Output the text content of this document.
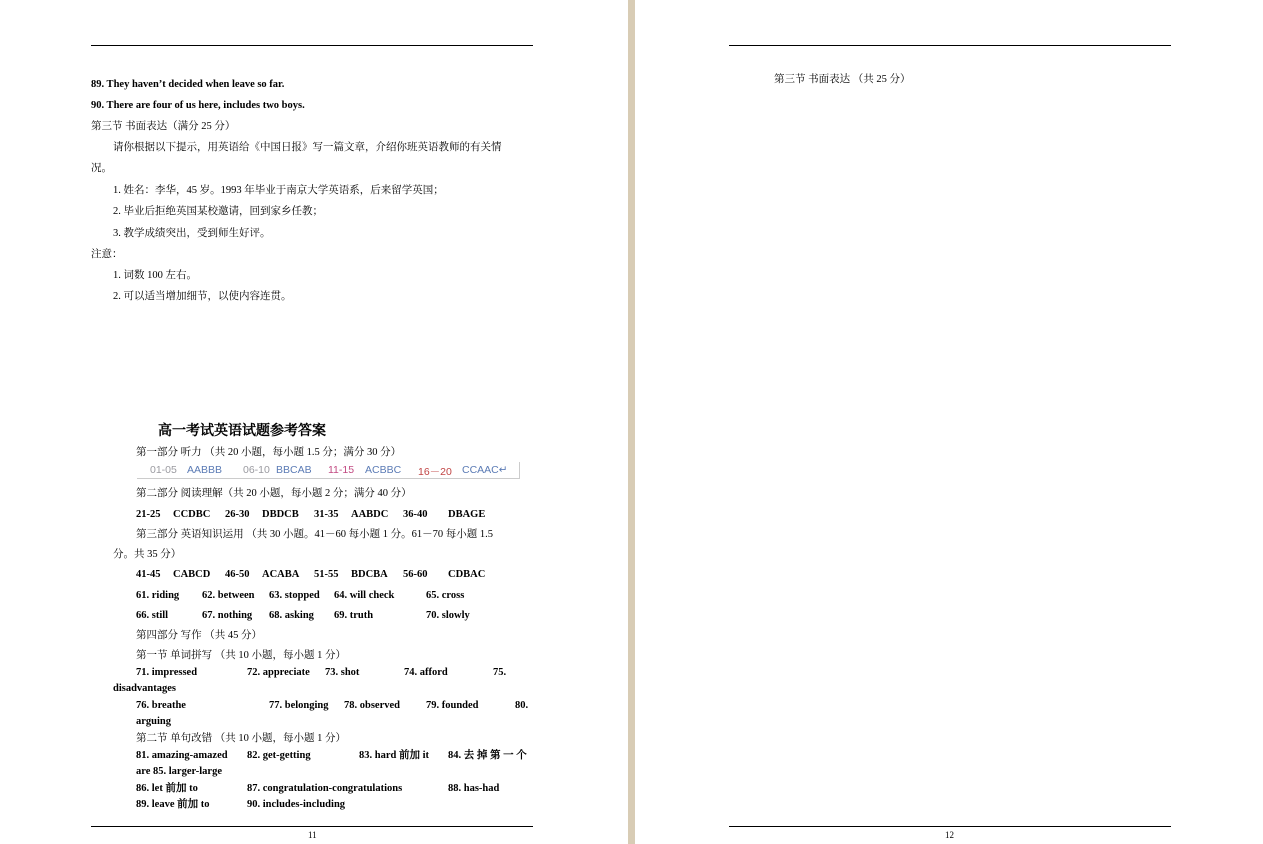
89. They haven’t decided when leave so far.
90. There are four of us here, includes two boys.
第三节 书面表达（满分 25 分）
请你根据以下提示，用英语给《中国日报》写一篇文章，介绍你班英语教师的有关情
况。
1. 姓名：李华，45 岁。1993 年毕业于南京大学英语系，后来留学英国；
2. 毕业后拒绝英国某校邀请，回到家乡任教；
3. 教学成绩突出，受到师生好评。
注意：
1. 词数 100 左右。
2. 可以适当增加细节，以使内容连贯。
高一考试英语试题参考答案
第一部分 听力 （共 20 小题，每小题 1.5 分；满分 30 分）
01-05 AABBB 06-10 BBCAB 11-15 ACBBC 16－20 CCAAC↵
第二部分 阅读理解（共 20 小题，每小题 2 分；满分 40 分）
21-25 CCDBC 26-30 DBDCB 31-35 AABDC 36-40 DBAGE
第三部分 英语知识运用 （共 30 小题。41－60 每小题 1 分。61－70 每小题 1.5
分。共 35 分）
41-45 CABCD 46-50 ACABA 51-55 BDCBA 56-60 CDBAC
61. riding 62. between 63. stopped 64. will check	65. cross
66. still	67. nothing 68. asking 69. truth	70. slowly
第四部分 写作 （共 45 分）
第一节 单词拼写 （共 10 小题，每小题 1 分）
71. impressed	72. appreciate 73. shot	74. afford	75.
disadvantages
76. breathe	77. belonging 78. observed 79. founded	80.
arguing
第二节 单句改错 （共 10 小题，每小题 1 分）
81. amazing-amazed 82. get-getting	83. hard 前加 it 84. 去 掉 第 一 个
are 85. larger-large
86. let 前加 to	87. congratulation-congratulations	88. has-had
89. leave 前加 to	90. includes-including
11
第三节 书面表达 （共 25 分）
12
